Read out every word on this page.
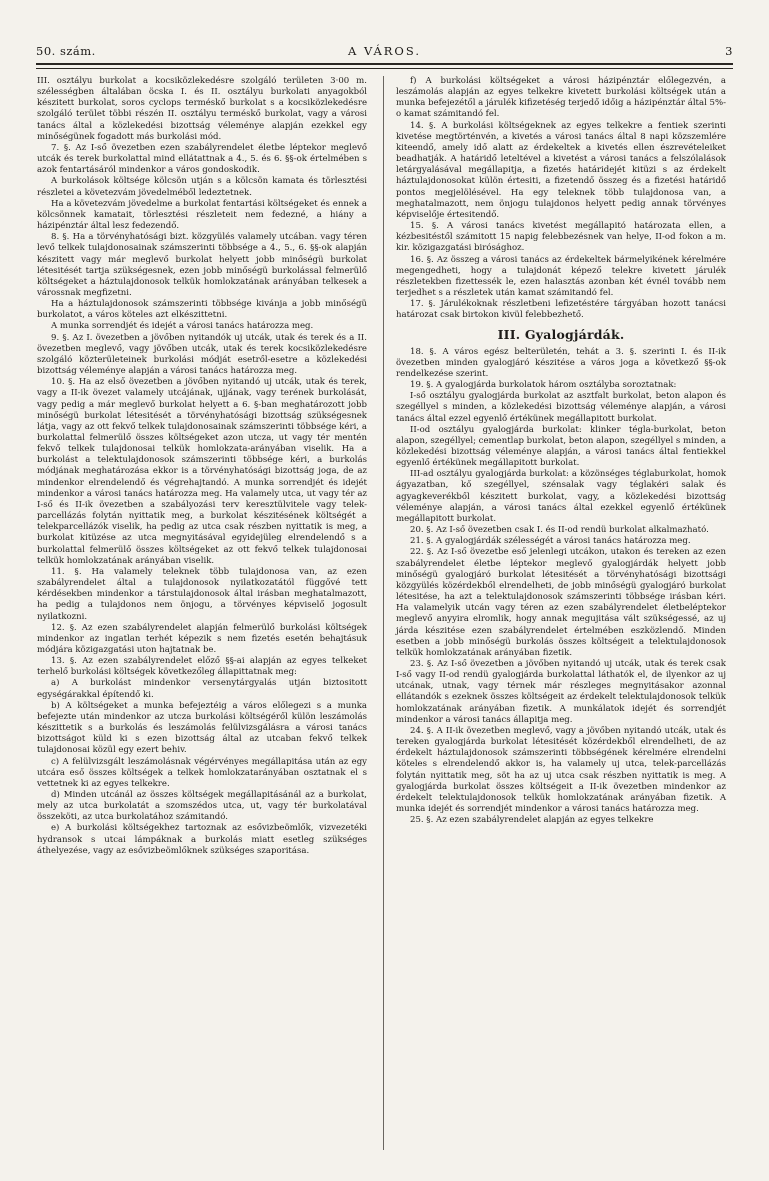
50. szám.	A VÁROS.	3

III. osztályu burkolat a kocsiközlekedésre szolgáló területen 3·00 m. szélességben általában öcska I. és II. osztályu burkolati anyagokból készitett burkolat, soros cyclops terméskő burkolat s a kocsiközlekedésre szolgáló terület többi részén II. osztályu terméskő burkolat, vagy a városi tanács által a közlekedési bizottság véleménye alapján ezekkel egy minőségünek fogadott más burkolási mód.

7. §. Az I-ső övezetben ezen szabályrendelet életbe léptekor meglevő utcák és terek burkolattal mind ellátattnak a 4., 5. és 6. §§-ok értelmében s azok fentartásáról mindenkor a város gondoskodik.

A burkolások költsége kölcsön utján s a kölcsön kamata és törlesztési részletei a követezvám jövedelméből ledeztetnek.

Ha a követezvám jövedelme a burkolat fentartási költségeket és ennek a kölcsönnek kamatait, törlesztési részleteit nem fedezné, a hiány a házipénztár által lesz fedezendő.

8. §. Ha a törvényhatósági bizt. közgyülés valamely utcában. vagy téren levő telkek tulajdonosainak számszerinti többsége a 4., 5., 6. §§-ok alapján készitett vagy már meglevő burkolat helyett jobb minőségü burkolat létesitését tartja szükségesnek, ezen jobb minőségü burkolással felmerülő költségeket a háztulajdonosok telkük homlokzatának arányában telkesek a várossnak megfizetni.

Ha a háztulajdonosok számszerinti többsége kivánja a jobb minőségü burkolatot, a város köteles azt elkészittetni.

A munka sorrendjét és idejét a városi tanács határozza meg.

9. §. Az I. övezetben a jövőben nyitandók uj utcák, utak és terek és a II. övezetben meglevő, vagy jövőben utcák, utak és terek kocsiközlekedésre szolgáló közterületeinek burkolási módját esetről-esetre a közlekedési bizottság véleménye alapján a városi tanács határozza meg.

10. §. Ha az első övezetben a jövőben nyitandó uj utcák, utak és terek, vagy a II-ik övezet valamely utcájának, ujjának, vagy terének burkolását, vagy pedig a már meglevő burkolat helyett a 6. §-ban meghatározott jobb minőségü burkolat létesitését a törvényhatósági bizottság szükségesnek látja, vagy az ott fekvő telkek tulajdonosainak számszerinti többsége kéri, a burkolattal felmerülő összes költségeket azon utcza, ut vagy tér mentén fekvő telkek tulajdonosai telkük homlokzata-arányában viselik. Ha a burkolást a telektulajdonosok számszerinti többsége kéri, a burkolás módjának meghatározása ekkor is a törvényhatósági bizottság joga, de az mindenkor elrendelendő és végrehajtandó. A munka sorrendjét és idejét mindenkor a városi tanács határozza meg. Ha valamely utca, ut vagy tér az I-ső és II-ik övezetben a szabályozási terv keresztülvitele vagy telek-parcellázás folytán nyittatik meg, a burkolat készitésének költségét a telekparcellázók viselik, ha pedig az utca csak részben nyittatik is meg, a burkolat kitüzése az utca megnyitásával egyidejüleg elrendelendő s a burkolattal felmerülő összes költségeket az ott fekvő telkek tulajdonosai telkük homlokzatának arányában viselik.

11. §. Ha valamely teleknek több tulajdonosa van, az ezen szabályrendelet által a tulajdonosok nyilatkozatától függővé tett kérdésekben mindenkor a társtulajdonosok által irásban meghatalmazott, ha pedig a tulajdonos nem önjogu, a törvényes képviselő jogosult nyilatkozni.

12. §. Az ezen szabályrendelet alapján felmerülő burkolási költségek mindenkor az ingatlan terhét képezik s nem fizetés esetén behajtásuk módjára közigazgatási uton hajtatnak be.

13. §. Az ezen szabályrendelet előző §§-ai alapján az egyes telkeket terhelő burkolási költségek következőleg állapittatnak meg:

a) A burkolást mindenkor versenytárgyalás utján biztositott egységárakkal építendő ki.

b) A költségeket a munka befejeztéig a város előlegezi s a munka befejezte után mindenkor az utcza burkolási költségéről külön leszámolás készittetik s a burkolás és leszámolás felülvizsgálásra a városi tanács bizottságot küld ki s ezen bizottság által az utcaban fekvő telkek tulajdonosai közül egy ezert behiv.

c) A felülvizsgált leszámolásnak végérvényes megállapitása után az egy utcára eső összes költségek a telkek homlokzatarányában osztatnak el s vettetnek ki az egyes telkekre.

d) Minden utcánál az összes költségek megállapitásánál az a burkolat, mely az utca burkolatát a szomszédos utca, ut, vagy tér burkolatával összeköti, az utca burkolatához számitandó.

e) A burkolási költségekhez tartoznak az esővizbeömlők, vizvezetéki hydransok s utcai lámpáknak a burkolás miatt esetleg szükséges áthelyezése, vagy az esővizbeömlőknek szükséges szaporitása.

f) A burkolási költségeket a városi házipénztár előlegezvén, a leszámolás alapján az egyes telkekre kivetett burkolási költségek után a munka befejezétől a járulék kifizetéség terjedő időig a házipénztár által 5%-o kamat számitandó fel.

14. §. A burkolási költségeknek az egyes telkekre a fentiek szerinti kivetése megtörténvén, a kivetés a városi tanács által 8 napi közszemlére kiteendő, amely idő alatt az érdekeltek a kivetés ellen észrevételeiket beadhatják. A határidő leteltével a kivetést a városi tanács a felszólalások letárgyalásával megállapitja, a fizetés határidejét kitüzi s az érdekelt háztulajdonosokat külön értesiti, a fizetendő összeg és a fizetési határidő pontos megjelölésével. Ha egy teleknek több tulajdonosa van, a meghatalmazott, nem önjogu tulajdonos helyett pedig annak törvényes képviselője értesitendő.

15. §. A városi tanács kivetést megállapitó határozata ellen, a kézbesitéstől számitott 15 napig felebbezésnek van helye, II-od fokon a m. kir. közigazgatási birósághoz.

16. §. Az összeg a városi tanács az érdekeltek bármelyikének kérelmére megengedheti, hogy a tulajdonát képező telekre kivetett járulék részletekben fizettessék le, ezen halasztás azonban két évnél tovább nem terjedhet s a részletek után kamat számitandó fel.

17. §. Járulékoknak részletbeni lefizetéstére tárgyában hozott tanácsi határozat csak birtokon kivül felebbezhető.

III. Gyalogjárdák.

18. §. A város egész belterületén, tehát a 3. §. szerinti I. és II-ik övezetben minden gyalogjáró készitése a város joga a következő §§-ok rendelkezése szerint.

19. §. A gyalogjárda burkolatok három osztályba soroztatnak:

I-ső osztályu gyalogjárda burkolat az asztfalt burkolat, beton alapon és szegéllyel s minden, a közlekedési bizottság véleménye alapján, a városi tanács által ezzel egyenlő értékünek megállapitott burkolat.

II-od osztályu gyalogjárda burkolat: klinker tégla-burkolat, beton alapon, szegéllyel; cementlap burkolat, beton alapon, szegéllyel s minden, a közlekedési bizottság véleménye alapján, a városi tanács által fentiekkel egyenlő értékünek megállapitott burkolat.

III-ad osztályu gyalogjárda burkolat: a közönséges téglaburkolat, homok ágyazatban, kő szegéllyel, szénsalak vagy téglakéri salak és agyagkeverékből készitett burkolat, vagy, a közlekedési bizottság véleménye alapján, a városi tanács által ezekkel egyenlő értékünek megállapitott burkolat.

20. §. Az I-ső övezetben csak I. és II-od rendü burkolat alkalmazható.

21. §. A gyalogjárdák szélességét a városi tanács határozza meg.

22. §. Az I-ső övezetbe eső jelenlegi utcákon, utakon és tereken az ezen szabályrendelet életbe léptekor meglevő gyalogjárdák helyett jobb minőségü gyalogjáró burkolat létesitését a törvényhatósági bizottsági közgyülés közérdekből elrendelheti, de jobb minőségü gyalogjáró burkolat létesitése, ha azt a telektulajdonosok számszerinti többsége irásban kéri. Ha valamelyik utcán vagy téren az ezen szabályrendelet életbeléptekor meglevő anyyira elromlik, hogy annak megujitása vált szükségessé, az uj járda készitése ezen szabályrendelet értelmében eszközlendő. Minden esetben a jobb minőségü burkolás összes költségeit a telektulajdonosok telkük homlokzatának arányában fizetik.

23. §. Az I-ső övezetben a jövőben nyitandó uj utcák, utak és terek csak I-ső vagy II-od rendü gyalogjárda burkolattal láthatók el, de ilyenkor az uj utcának, utnak, vagy térnek már részleges megnyitásakor azonnal ellátandók s ezeknek összes költségeit az érdekelt telektulajdonosok telkük homlokzatának arányában fizetik. A munkálatok idejét és sorrendjét mindenkor a városi tanács állapitja meg.

24. §. A II-ik övezetben meglevő, vagy a jövőben nyitandó utcák, utak és tereken gyalogjárda burkolat létesitését közérdekből elrendelheti, de az érdekelt háztulajdonosok számszerinti többségének kérelmére elrendelni köteles s elrendelendő akkor is, ha valamely uj utca, telek-parcellázás folytán nyittatik meg, söt ha az uj utca csak részben nyittatik is meg. A gyalogjárda burkolat összes költségeit a II-ik övezetben mindenkor az érdekelt telektulajdonosok telkük homlokzatának arányában fizetik. A munka idejét és sorrendjét mindenkor a városi tanács határozza meg.

25. §. Az ezen szabályrendelet alapján az egyes telkekre
